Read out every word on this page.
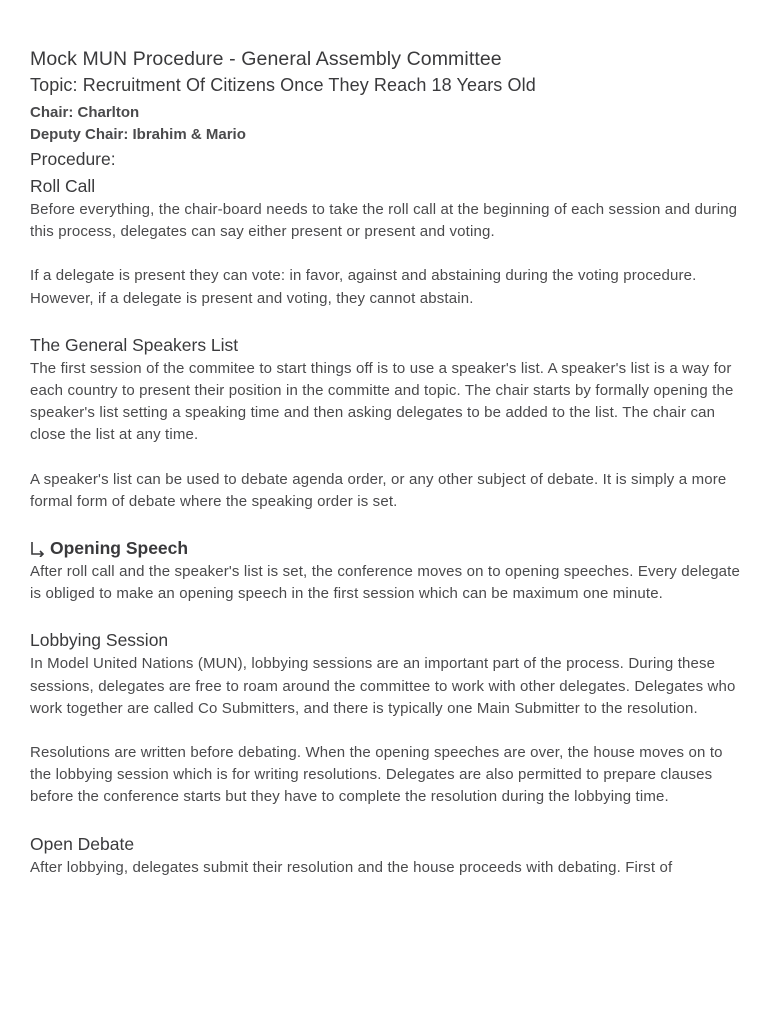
Mock MUN Procedure - General Assembly Committee
Topic: Recruitment Of Citizens Once They Reach 18 Years Old
Chair: Charlton
Deputy Chair: Ibrahim & Mario
Procedure:
Roll Call

Before everything, the chair-board needs to take the roll call at the beginning of each session and during this process, delegates can say either present or present and voting.

If a delegate is present they can vote: in favor, against and abstaining during the voting procedure. However, if a delegate is present and voting, they cannot abstain.

The General Speakers List

The first session of the commitee to start things off is to use a speaker's list. A speaker's list is a way for each country to present their position in the committe and topic. The chair starts by formally opening the speaker's list setting a speaking time and then asking delegates to be added to the list. The chair can close the list at any time.

A speaker's list can be used to debate agenda order, or any other subject of debate. It is simply a more formal form of debate where the speaking order is set.

Opening Speech

After roll call and the speaker's list is set, the conference moves on to opening speeches. Every delegate is obliged to make an opening speech in the first session which can be maximum one minute.

Lobbying Session

In Model United Nations (MUN), lobbying sessions are an important part of the process. During these sessions, delegates are free to roam around the committee to work with other delegates. Delegates who work together are called Co Submitters, and there is typically one Main Submitter to the resolution.

Resolutions are written before debating. When the opening speeches are over, the house moves on to the lobbying session which is for writing resolutions. Delegates are also permitted to prepare clauses before the conference starts but they have to complete the resolution during the lobbying time.

Open Debate

After lobbying, delegates submit their resolution and the house proceeds with debating. First of
